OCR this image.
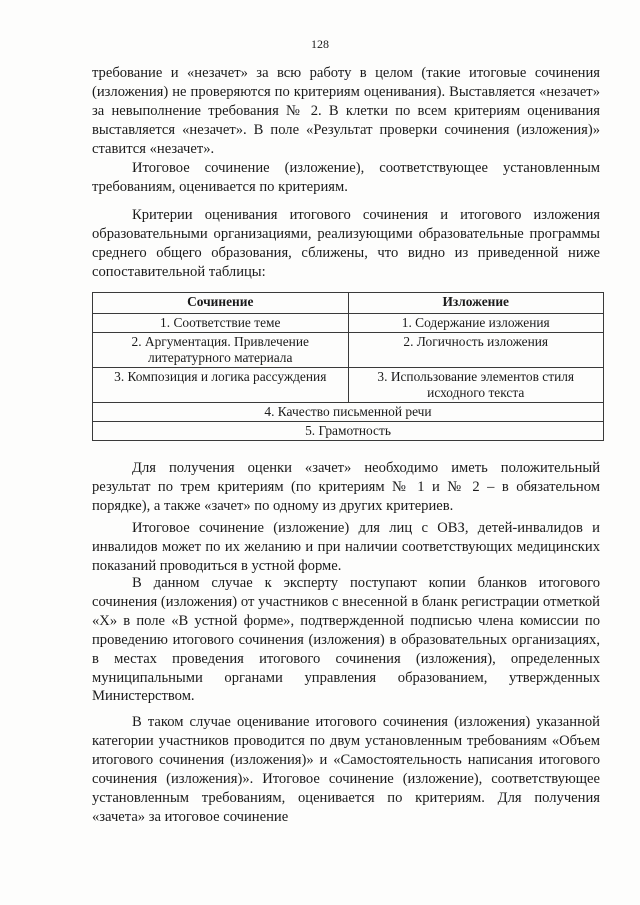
128

требование и «незачет» за всю работу в целом (такие итоговые сочинения (изложения) не проверяются по критериям оценивания). Выставляется «незачет» за невыполнение требования № 2. В клетки по всем критериям оценивания выставляется «незачет». В поле «Результат проверки сочинения (изложения)» ставится «незачет».

Итоговое сочинение (изложение), соответствующее установленным требованиям, оценивается по критериям.

Критерии оценивания итогового сочинения и итогового изложения образовательными организациями, реализующими образовательные программы среднего общего образования, сближены, что видно из приведенной ниже сопоставительной таблицы:

Сочинение	Изложение
1. Соответствие теме	1. Содержание изложения
2. Аргументация. Привлечение литературного материала	2. Логичность изложения
3. Композиция и логика рассуждения	3. Использование элементов стиля исходного текста
4. Качество письменной речи	
5. Грамотность	

Для получения оценки «зачет» необходимо иметь положительный результат по трем критериям (по критериям № 1 и № 2 – в обязательном порядке), а также «зачет» по одному из других критериев.

Итоговое сочинение (изложение) для лиц с ОВЗ, детей-инвалидов и инвалидов может по их желанию и при наличии соответствующих медицинских показаний проводиться в устной форме.

В данном случае к эксперту поступают копии бланков итогового сочинения (изложения) от участников с внесенной в бланк регистрации отметкой «Х» в поле «В устной форме», подтвержденной подписью члена комиссии по проведению итогового сочинения (изложения) в образовательных организациях, в местах проведения итогового сочинения (изложения), определенных муниципальными органами управления образованием, утвержденных Министерством.

В таком случае оценивание итогового сочинения (изложения) указанной категории участников проводится по двум установленным требованиям «Объем итогового сочинения (изложения)» и «Самостоятельность написания итогового сочинения (изложения)». Итоговое сочинение (изложение), соответствующее установленным требованиям, оценивается по критериям. Для получения «зачета» за итоговое сочинение
